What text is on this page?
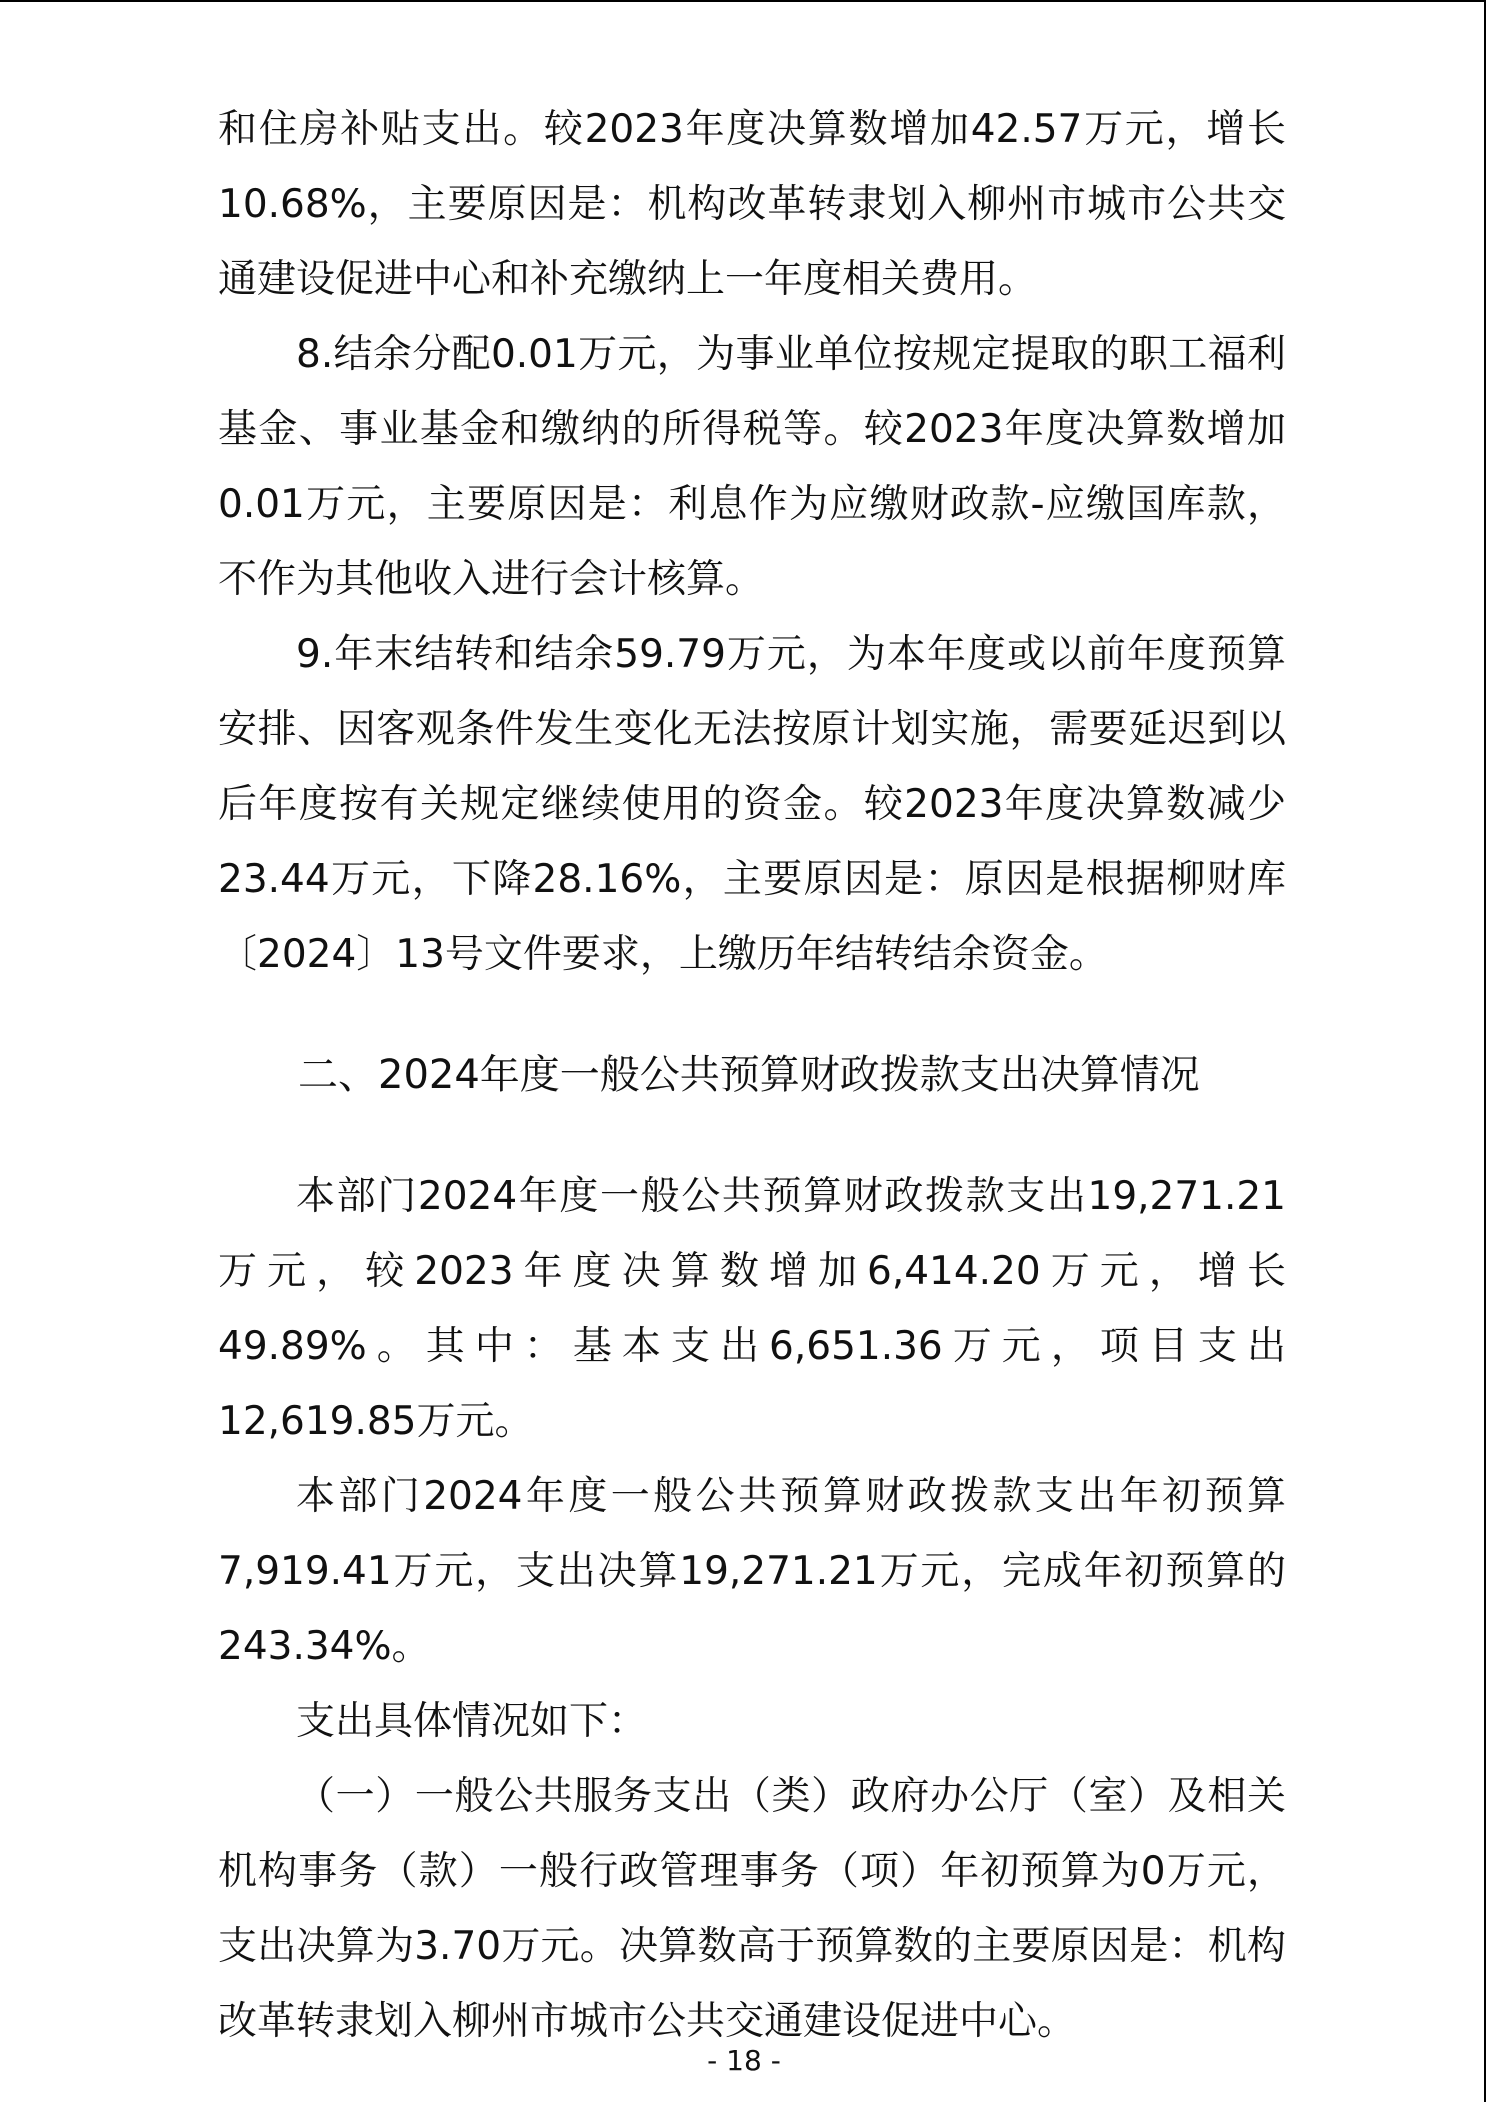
和住房补贴支出。较2023年度决算数增加42.57万元，增长10.68%，主要原因是：机构改革转隶划入柳州市城市公共交通建设促进中心和补充缴纳上一年度相关费用。

8.结余分配0.01万元，为事业单位按规定提取的职工福利基金、事业基金和缴纳的所得税等。较2023年度决算数增加0.01万元，主要原因是：利息作为应缴财政款-应缴国库款，不作为其他收入进行会计核算。

9.年末结转和结余59.79万元，为本年度或以前年度预算安排、因客观条件发生变化无法按原计划实施，需要延迟到以后年度按有关规定继续使用的资金。较2023年度决算数减少23.44万元，下降28.16%，主要原因是：原因是根据柳财库〔2024〕13号文件要求，上缴历年结转结余资金。

二、2024年度一般公共预算财政拨款支出决算情况

本部门2024年度一般公共预算财政拨款支出19,271.21万元，较2023年度决算数增加6,414.20万元，增长49.89%。其中：基本支出6,651.36万元，项目支出12,619.85万元。

本部门2024年度一般公共预算财政拨款支出年初预算7,919.41万元，支出决算19,271.21万元，完成年初预算的243.34%。

支出具体情况如下：

（一）一般公共服务支出（类）政府办公厅（室）及相关机构事务（款）一般行政管理事务（项）年初预算为0万元，支出决算为3.70万元。决算数高于预算数的主要原因是：机构改革转隶划入柳州市城市公共交通建设促进中心。

- 18 -
